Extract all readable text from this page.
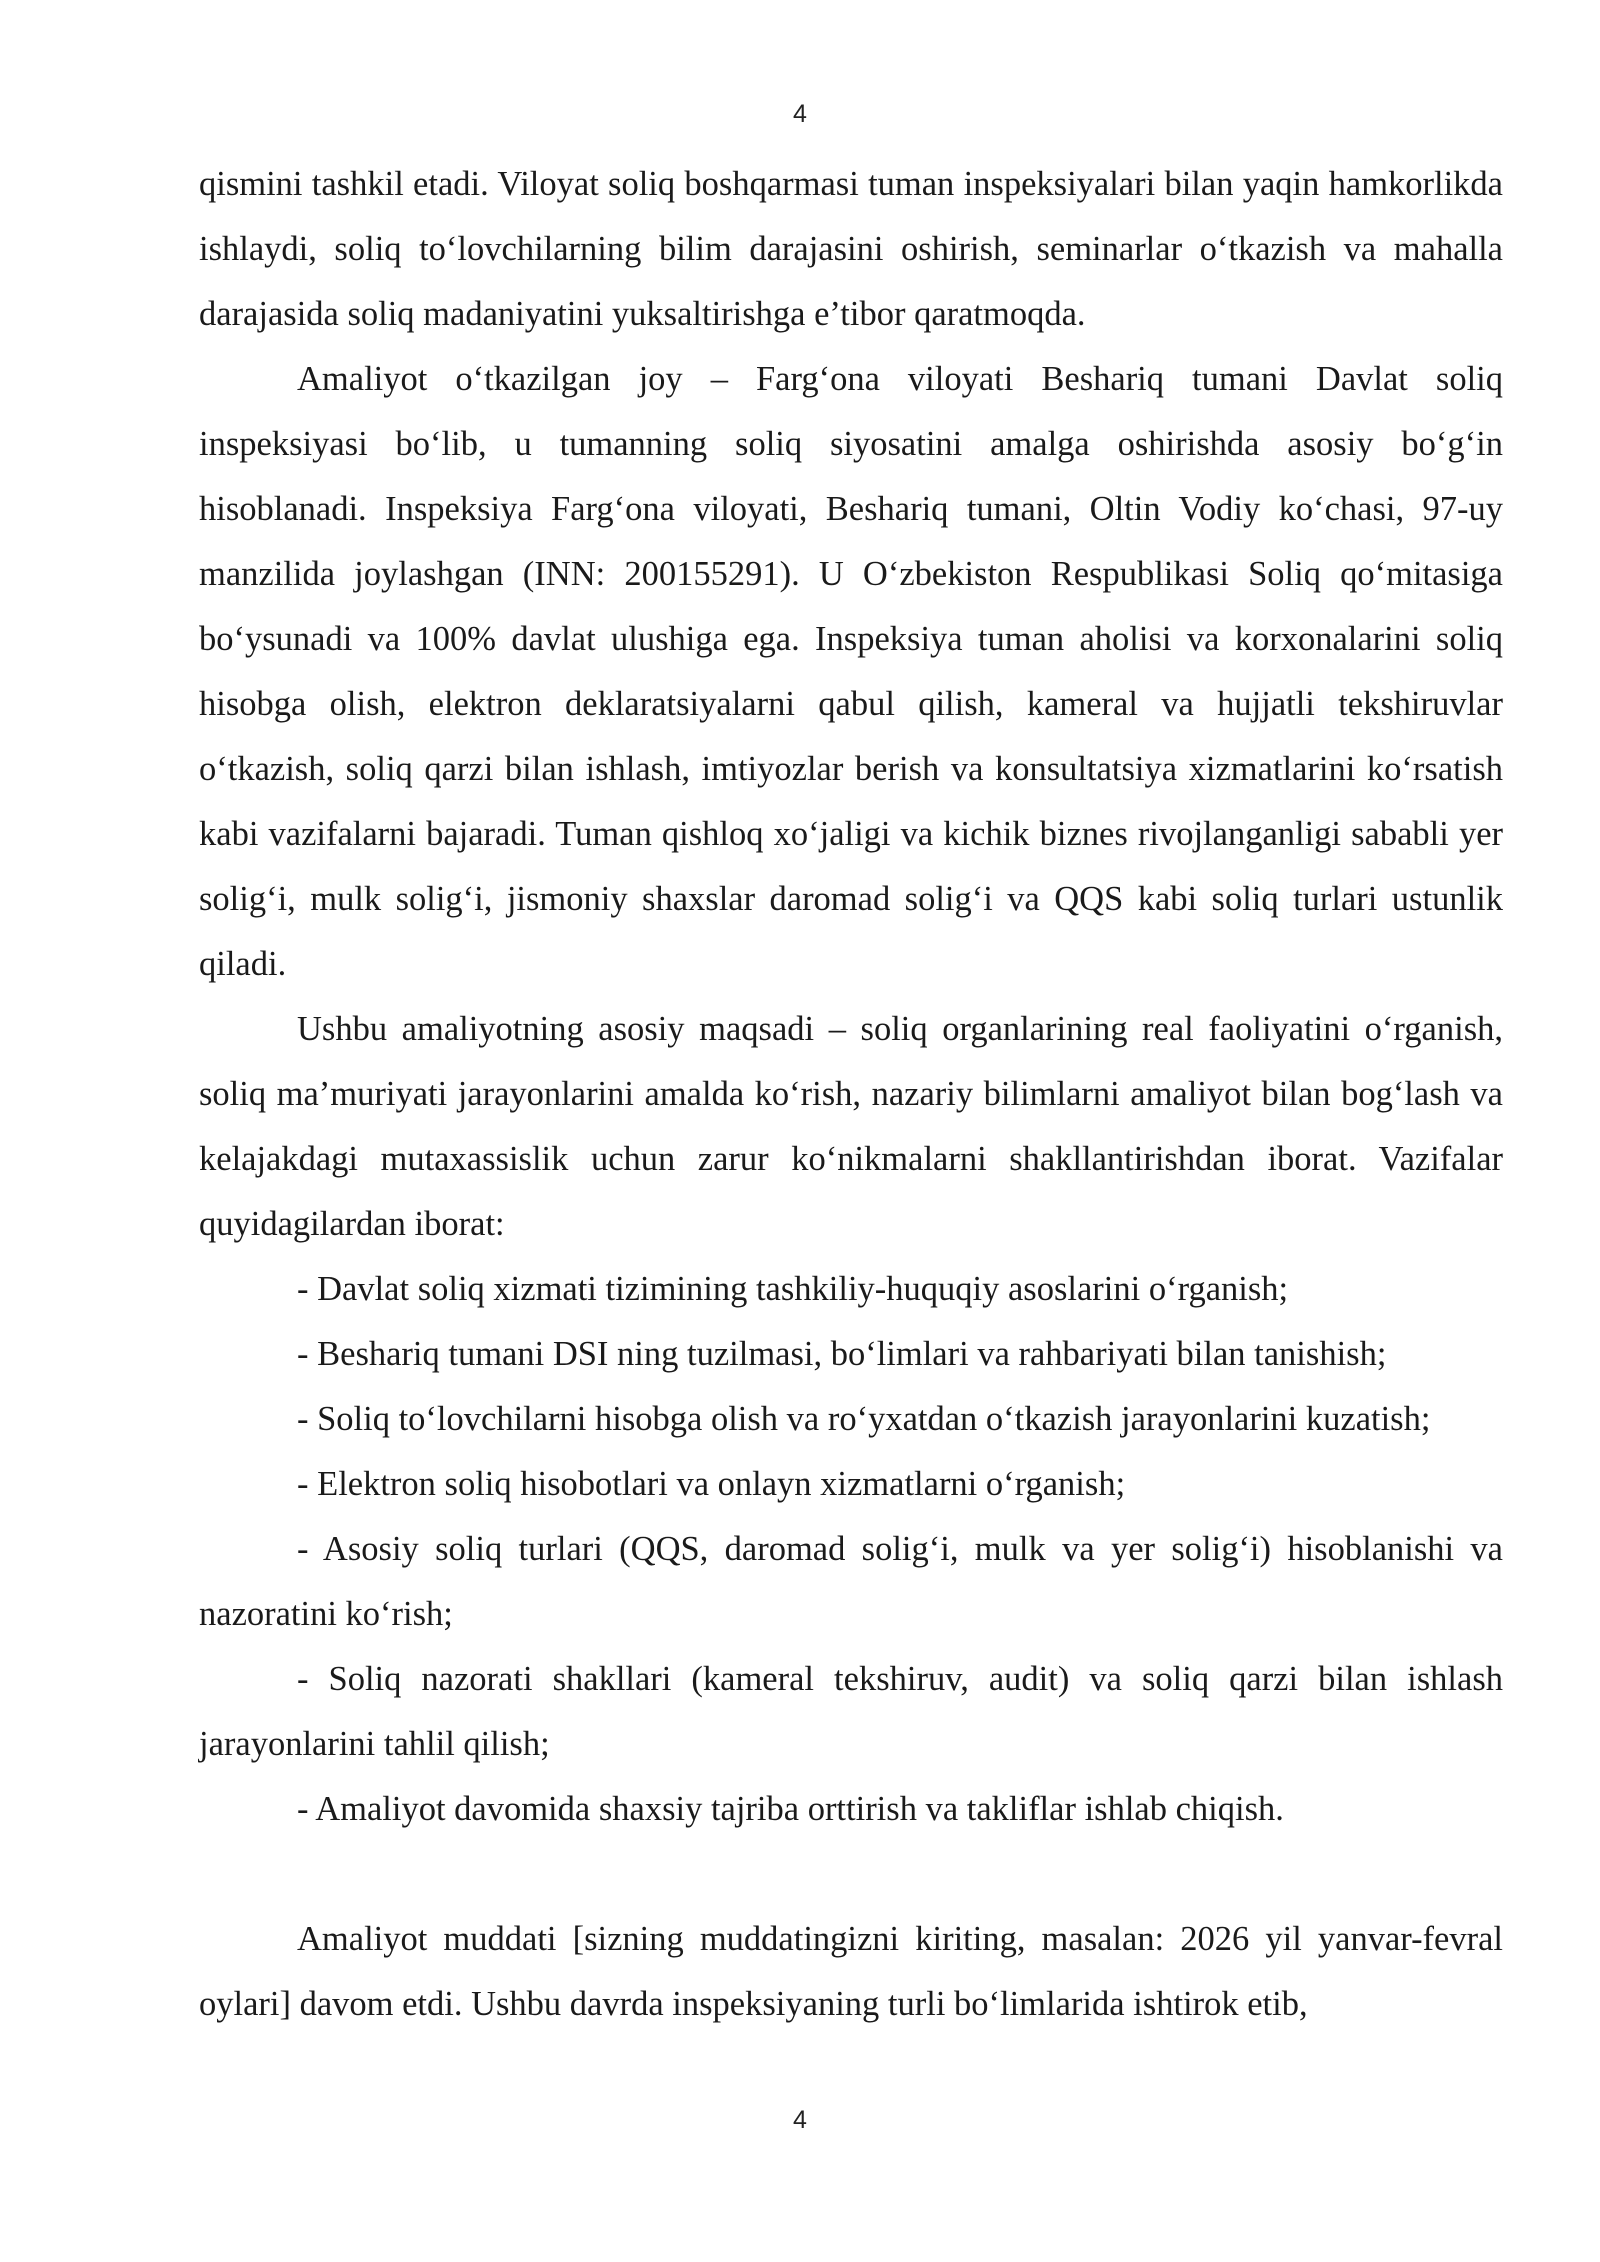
4

qismini tashkil etadi. Viloyat soliq boshqarmasi tuman inspeksiyalari bilan yaqin hamkorlikda ishlaydi, soliq to‘lovchilarning bilim darajasini oshirish, seminarlar o‘tkazish va mahalla darajasida soliq madaniyatini yuksaltirishga e’tibor qaratmoqda.

Amaliyot o‘tkazilgan joy – Farg‘ona viloyati Beshariq tumani Davlat soliq inspeksiyasi bo‘lib, u tumanning soliq siyosatini amalga oshirishda asosiy bo‘g‘in hisoblanadi. Inspeksiya Farg‘ona viloyati, Beshariq tumani, Oltin Vodiy ko‘chasi, 97-uy manzilida joylashgan (INN: 200155291). U O‘zbekiston Respublikasi Soliq qo‘mitasiga bo‘ysunadi va 100% davlat ulushiga ega. Inspeksiya tuman aholisi va korxonalarini soliq hisobga olish, elektron deklaratsiyalarni qabul qilish, kameral va hujjatli tekshiruvlar o‘tkazish, soliq qarzi bilan ishlash, imtiyozlar berish va konsultatsiya xizmatlarini ko‘rsatish kabi vazifalarni bajaradi. Tuman qishloq xo‘jaligi va kichik biznes rivojlanganligi sababli yer solig‘i, mulk solig‘i, jismoniy shaxslar daromad solig‘i va QQS kabi soliq turlari ustunlik qiladi.

Ushbu amaliyotning asosiy maqsadi – soliq organlarining real faoliyatini o‘rganish, soliq ma’muriyati jarayonlarini amalda ko‘rish, nazariy bilimlarni amaliyot bilan bog‘lash va kelajakdagi mutaxassislik uchun zarur ko‘nikmalarni shakllantirishdan iborat. Vazifalar quyidagilardan iborat:

- Davlat soliq xizmati tizimining tashkiliy-huquqiy asoslarini o‘rganish;

- Beshariq tumani DSI ning tuzilmasi, bo‘limlari va rahbariyati bilan tanishish;

- Soliq to‘lovchilarni hisobga olish va ro‘yxatdan o‘tkazish jarayonlarini kuzatish;

- Elektron soliq hisobotlari va onlayn xizmatlarni o‘rganish;

- Asosiy soliq turlari (QQS, daromad solig‘i, mulk va yer solig‘i) hisoblanishi va nazoratini ko‘rish;

- Soliq nazorati shakllari (kameral tekshiruv, audit) va soliq qarzi bilan ishlash jarayonlarini tahlil qilish;

- Amaliyot davomida shaxsiy tajriba orttirish va takliflar ishlab chiqish.

Amaliyot muddati [sizning muddatingizni kiriting, masalan: 2026 yil yanvar-fevral oylari] davom etdi. Ushbu davrda inspeksiyaning turli bo‘limlarida ishtirok etib,

4
